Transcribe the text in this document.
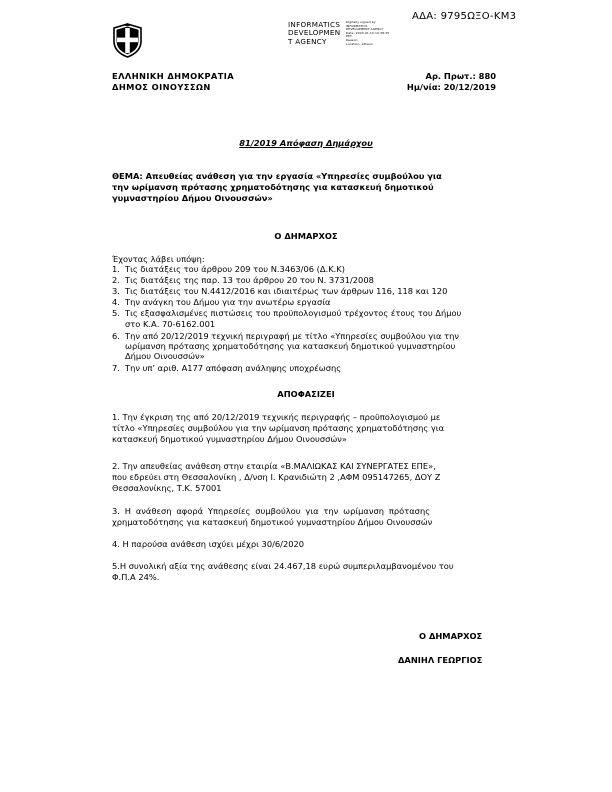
ΑΔΑ: 9795ΩΞΟ-ΚΜ3
INFORMATICS
DEVELOPMEN
T AGENCY
Digitally signed by
INFORMATICS
DEVELOPMENT AGENCY
Date: 2020.01.10 10:38:35
EET
Reason:
Location: Athens
ΕΛΛΗΝΙΚΗ ΔΗΜΟΚΡΑΤΙΑ
ΔΗΜΟΣ ΟΙΝΟΥΣΣΩΝ
Αρ. Πρωτ.: 880
Ημ/νία: 20/12/2019
81/2019 Απόφαση Δημάρχου
ΘΕΜΑ: Απευθείας ανάθεση για την εργασία «Υπηρεσίες συμβούλου για
την ωρίμανση πρότασης χρηματοδότησης για κατασκευή δημοτικού
γυμναστηρίου Δήμου Οινουσσών»
Ο ΔΗΜΑΡΧΟΣ
Έχοντας λάβει υπόψη:
1. Τις διατάξεις του άρθρου 209 του Ν.3463/06 (Δ.Κ.Κ)
2. Τις διατάξεις της παρ. 13 του άρθρου 20 του Ν. 3731/2008
3. Τις διατάξεις του Ν.4412/2016 και ιδιαιτέρως των άρθρων 116, 118 και 120
4. Την ανάγκη του Δήμου για την ανωτέρω εργασία
5. Τις εξασφαλισμένες πιστώσεις του προϋπολογισμού τρέχοντος έτους του Δήμου
στο Κ.Α. 70-6162.001
6. Την από 20/12/2019 τεχνική περιγραφή με τίτλο «Υπηρεσίες συμβούλου για την
ωρίμανση πρότασης χρηματοδότησης για κατασκευή δημοτικού γυμναστηρίου
Δήμου Οινουσσών»
7. Την υπ’ αριθ. Α177 απόφαση ανάληψης υποχρέωσης
ΑΠΟΦΑΣΙΖΕΙ
1. Την έγκριση της από 20/12/2019 τεχνικής περιγραφής – προϋπολογισμού με
τίτλο «Υπηρεσίες συμβούλου για την ωρίμανση πρότασης χρηματοδότησης για
κατασκευή δημοτικού γυμναστηρίου Δήμου Οινουσσών»
2. Την απευθείας ανάθεση στην εταιρία «Β.ΜΑΛΙΩΚΑΣ ΚΑΙ ΣΥΝΕΡΓΑΤΕΣ ΕΠΕ»,
που εδρεύει στη Θεσσαλονίκη , Δ/νση Ι. Κρανιδιώτη 2 ,ΑΦΜ 095147265, ΔΟΥ Ζ
Θεσσαλονίκης, Τ.Κ. 57001
3. Η ανάθεση αφορά Υπηρεσίες συμβούλου για την ωρίμανση πρότασης
χρηματοδότησης για κατασκευή δημοτικού γυμναστηρίου Δήμου Οινουσσών
4. Η παρούσα ανάθεση ισχύει μέχρι 30/6/2020
5.Η συνολική αξία της ανάθεσης είναι 24.467,18 ευρώ συμπεριλαμβανομένου του
Φ.Π.Α 24%.
Ο ΔΗΜΑΡΧΟΣ
ΔΑΝΙΗΛ ΓΕΩΡΓΙΟΣ
